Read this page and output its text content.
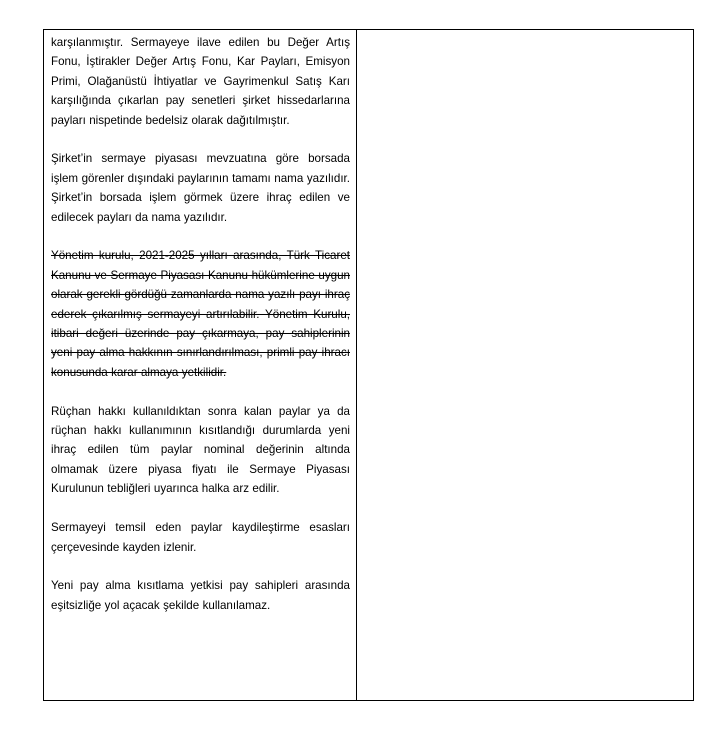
karşılanmıştır. Sermayeye ilave edilen bu Değer Artış Fonu, İştirakler Değer Artış Fonu, Kar Payları, Emisyon Primi, Olağanüstü İhtiyatlar ve Gayrimenkul Satış Karı karşılığında çıkarlan pay senetleri şirket hissedarlarına payları nispetinde bedelsiz olarak dağıtılmıştır.

Şirket’in sermaye piyasası mevzuatına göre borsada işlem görenler dışındaki paylarının tamamı nama yazılıdır. Şirket’in borsada işlem görmek üzere ihraç edilen ve edilecek payları da nama yazılıdır.

Yönetim kurulu, 2021-2025 yılları arasında, Türk Ticaret Kanunu ve Sermaye Piyasası Kanunu hükümlerine uygun olarak gerekli gördüğü zamanlarda nama yazılı payı ihraç ederek çıkarılmış sermayeyi artırılabilir. Yönetim Kurulu, itibari değeri üzerinde pay çıkarmaya, pay sahiplerinin yeni pay alma hakkının sınırlandırılması, primli pay ihracı konusunda karar almaya yetkilidir.

Rüçhan hakkı kullanıldıktan sonra kalan paylar ya da rüçhan hakkı kullanımının kısıtlandığı durumlarda yeni ihraç edilen tüm paylar nominal değerinin altında olmamak üzere piyasa fiyatı ile Sermaye Piyasası Kurulunun tebliğleri uyarınca halka arz edilir.

Sermayeyi temsil eden paylar kaydileştirme esasları çerçevesinde kayden izlenir.

Yeni pay alma kısıtlama yetkisi pay sahipleri arasında eşitsizliğe yol açacak şekilde kullanılamaz.
